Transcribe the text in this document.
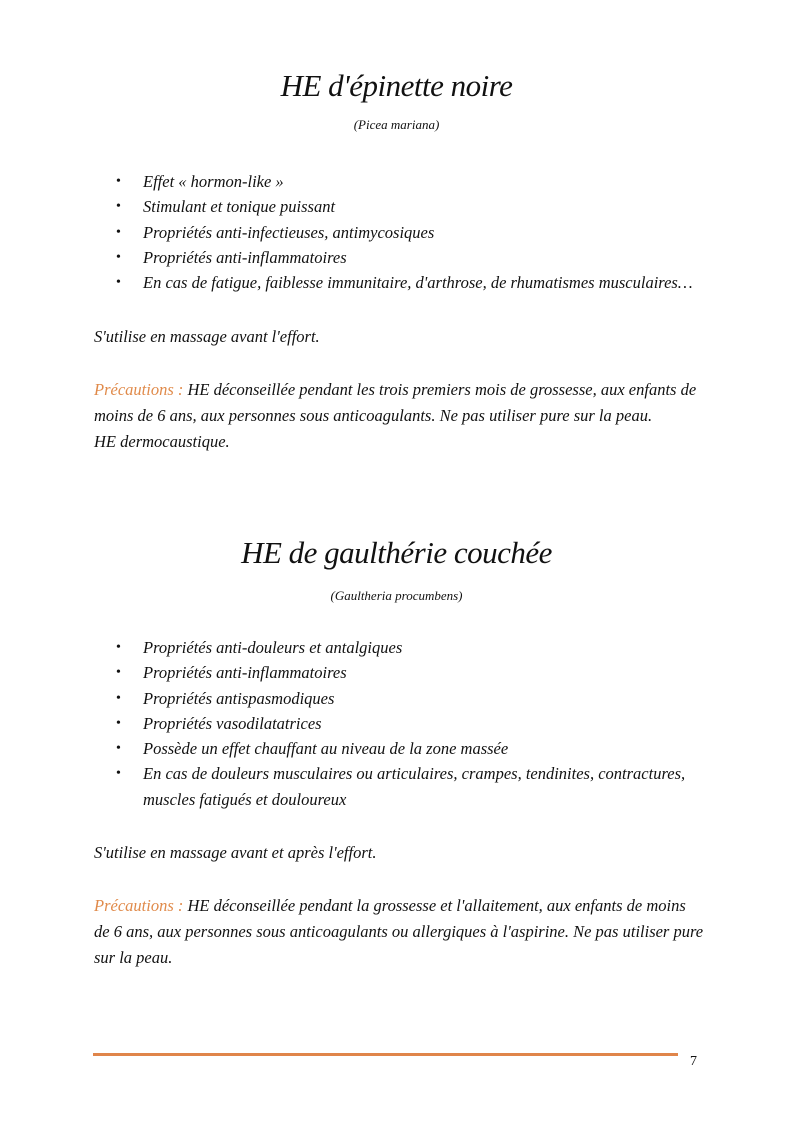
HE d'épinette noire
(Picea mariana)
• Effet « hormon-like »
• Stimulant et tonique puissant
• Propriétés anti-infectieuses, antimycosiques
• Propriétés anti-inflammatoires
• En cas de fatigue, faiblesse immunitaire, d'arthrose, de rhumatismes musculaires…

S'utilise en massage avant l'effort.

Précautions : HE déconseillée pendant les trois premiers mois de grossesse, aux enfants de moins de 6 ans, aux personnes sous anticoagulants. Ne pas utiliser pure sur la peau.
HE dermocaustique.

HE de gaulthérie couchée
(Gaultheria procumbens)
• Propriétés anti-douleurs et antalgiques
• Propriétés anti-inflammatoires
• Propriétés antispasmodiques
• Propriétés vasodilatatrices
• Possède un effet chauffant au niveau de la zone massée
• En cas de douleurs musculaires ou articulaires, crampes, tendinites, contractures, muscles fatigués et douloureux

S'utilise en massage avant et après l'effort.

Précautions : HE déconseillée pendant la grossesse et l'allaitement, aux enfants de moins de 6 ans, aux personnes sous anticoagulants ou allergiques à l'aspirine. Ne pas utiliser pure sur la peau.

7
